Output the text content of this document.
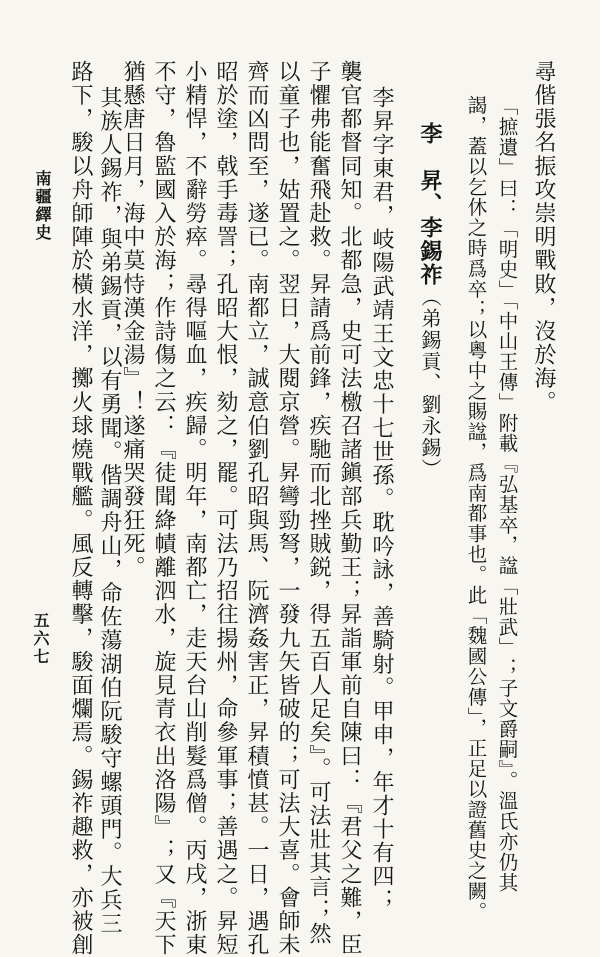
南疆繹史
五六七

尋偕張名振攻崇明戰敗，沒於海。

「摭遺」曰：「明史」「中山王傳」附載『弘基卒，諡「壯武」；子文爵嗣』。溫氏亦仍其

謁，蓋以乞休之時爲卒；以粵中之賜諡，爲南都事也。此「魏國公傳」，正足以證舊史之闕。

李　昇、李錫祚（弟錫貢、劉永錫）

李昇字東君，岐陽武靖王文忠十七世孫。耽吟詠，善騎射。甲申，年才十有四；

襲官都督同知。北都急，史可法檄召諸鎭部兵勤王；昇詣軍前自陳曰：『君父之難，臣

子懼弗能奮飛赴救。昇請爲前鋒，疾馳而北挫賊鋭，得五百人足矣』。可法壯其言；然

以童子也，姑置之。翌日，大閱京營。昇彎勁弩，一發九矢皆破的；可法大喜。會師未

齊而凶問至，遂已。南都立，誠意伯劉孔昭與馬、阮濟姦害正，昇積憤甚。一日，遇孔

昭於塗，戟手毒詈；孔昭大恨，劾之，罷。可法乃招往揚州，命參軍事；善遇之。昇短

小精悍，不辭勞瘁。尋得嘔血，疾歸。明年，南都亡，走天台山削髮爲僧。丙戌，浙東

不守，魯監國入於海；作詩傷之云：『徒聞絳幘離泗水，旋見青衣出洛陽』；又『天下

猶懸唐日月，海中莫恃漢金湯』！遂痛哭發狂死。

其族人錫祚，與弟錫貢，以有勇聞。偕調舟山，命佐蕩湖伯阮駿守螺頭門。大兵三

路下，駿以舟師陣於橫水洋，擲火球燒戰艦。風反轉擊，駿面爛焉。錫祚趣救，亦被創
